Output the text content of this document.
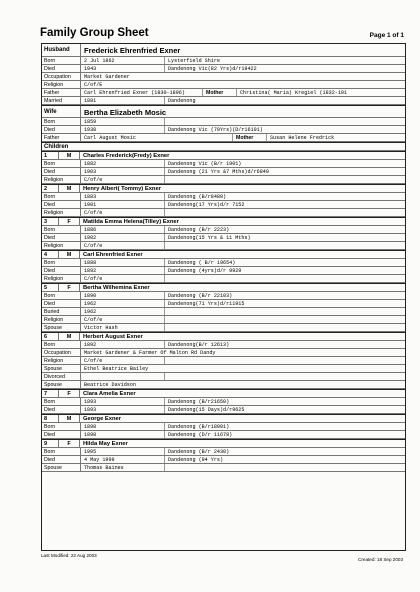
Family Group Sheet	Page 1 of 1
Husband	Frederick Ehrenfried Exner
Born	2 Jul 1862	Lysterfield Shire
Died	1943	Dandenong Vic(82 Yrs)d/r19422
Occupation	Market Gardener
Religion	C/of/E
Father	Carl Ehrenfried Exner (1830-1896)	Mother	Christina( Maria) Kregiel (1832-191
Married	1881	Dandenong
Wife	Bertha Elizabeth Mosic
Born	1859
Died	1938	Dandenong Vic (79Yrs)(D/r16101)
Father	Carl August Mosic	Mother	Susan Helene Fredrick
Children
1	M	Charles Frederick(Fredy) Exner
Born	1882	Dandenong Vic (B/r 1901)
Died	1903	Dandenong (21 Yrs &7 Mths)d/r6849
Religion	C/of/e
2	M	Henry Albert( Tommy) Exner
Born	1883	Dandenong (B/r8480)
Died	1901	Dandenong(17 Yrs)d/r 7152
Religion	C/of/e
3	F	Matilda Emma Helena(Tilley) Exner
Born	1886	Dandenong (B/r 2223)
Died	1902	Dandenong(15 Yrs & 11 Mths)
Religion	C/of/e
4	M	Carl Ehrenfried Exner
Born	1888	Dandenong ( B/r 19654)
Died	1892	Dandenong (4yrs)d/r 9929
Religion	C/of/e
5	F	Bertha Wilhemina Exner
Born	1890	Dandenong (B/r 22103)
Died	1962	Dandenong(71 Yrs)d/r11915
Buried	1962
Religion	C/of/e
Spouse	Victor Hash
6	M	Herbert August Exner
Born	1892	Dandenong(B/r 12613)
Occupation	Market Gardener & Farmer Of Malton Rd Dandy
Religion	C/of/e
Spouse	Ethel Beatrice Bailey
Divorced
Spouse	Beatrice Davidson
7	F	Clara Amelia Exner
Born	1893	Dandenong (B/r21650)
Died	1893	Dandenong(15 Days)d/r9625
8	M	George Exner
Born	1898	Dandenong (B/r18901)
Died	1898	Dandenong (D/r 11678)
9	F	Hilda May Exner
Born	1905	Dandenong (B/r 2430)
Died	4 May 1999	Dandenong (94 Yrs)
Spouse	Thomas Baines
Last Modified: 22 Aug 2003
Created: 18 Sep 2003
